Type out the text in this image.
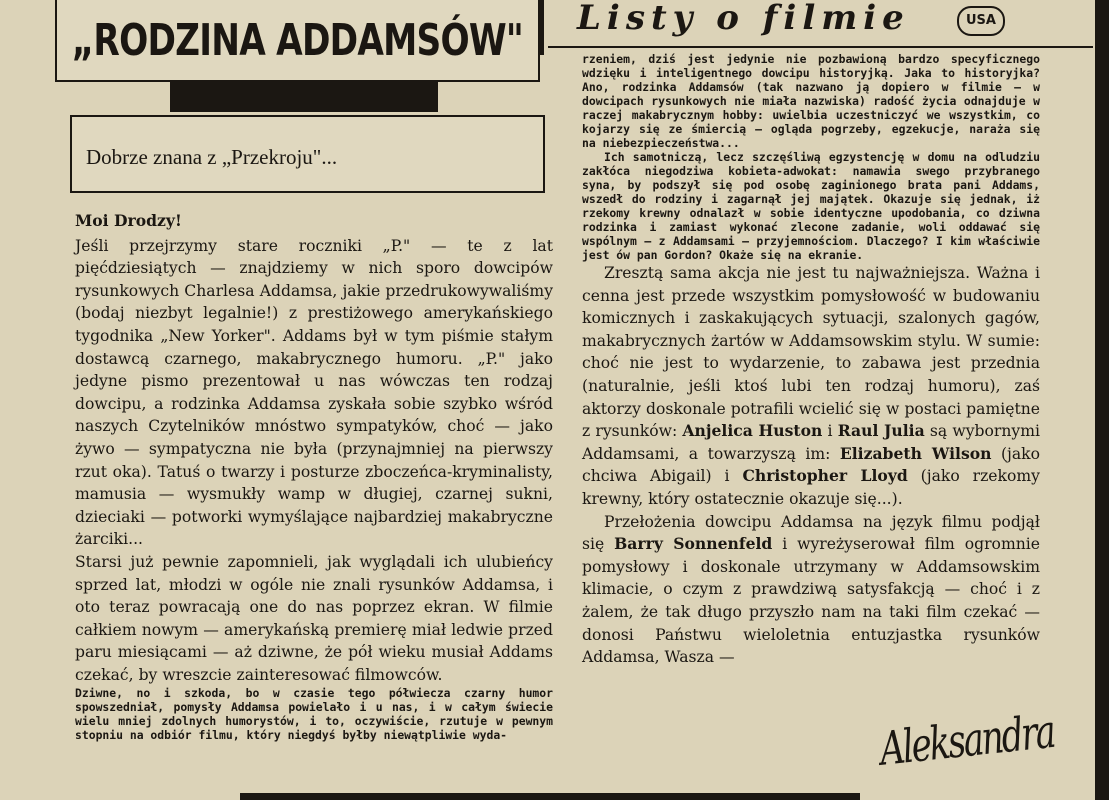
„RODZINA ADDAMSÓW"
Dobrze znana z „Przekroju"...
Listy o filmie	USA

Moi Drodzy!

Jeśli przejrzymy stare roczniki „P." — te z lat pięćdziesiątych — znajdziemy w nich sporo dowcipów rysunkowych Charlesa Addamsa, jakie przedrukowywaliśmy (bodaj niezbyt legalnie!) z prestiżowego amerykańskiego tygodnika „New Yorker". Addams był w tym piśmie stałym dostawcą czarnego, makabrycznego humoru. „P." jako jedyne pismo prezentował u nas wówczas ten rodzaj dowcipu, a rodzinka Addamsa zyskała sobie szybko wśród naszych Czytelników mnóstwo sympatyków, choć — jako żywo — sympatyczna nie była (przynajmniej na pierwszy rzut oka). Tatuś o twarzy i posturze zboczeńca-kryminalisty, mamusia — wysmukły wamp w długiej, czarnej sukni, dzieciaki — potworki wymyślające najbardziej makabryczne żarciki...

Starsi już pewnie zapomnieli, jak wyglądali ich ulubieńcy sprzed lat, młodzi w ogóle nie znali rysunków Addamsa, i oto teraz powracają one do nas poprzez ekran. W filmie całkiem nowym — amerykańską premierę miał ledwie przed paru miesiącami — aż dziwne, że pół wieku musiał Addams czekać, by wreszcie zainteresować filmowców.

Dziwne, no i szkoda, bo w czasie tego półwiecza czarny humor spowszedniał, pomysły Addamsa powielało i u nas, i w całym świecie wielu mniej zdolnych humorystów, i to, oczywiście, rzutuje w pewnym stopniu na odbiór filmu, który niegdyś byłby niewątpliwie wyda-

rzeniem, dziś jest jedynie nie pozbawioną bardzo specyficznego wdzięku i inteligentnego dowcipu historyjką. Jaka to historyjka? Ano, rodzinka Addamsów (tak nazwano ją dopiero w filmie — w dowcipach rysunkowych nie miała nazwiska) radość życia odnajduje w raczej makabrycznym hobby: uwielbia uczestniczyć we wszystkim, co kojarzy się ze śmiercią — ogląda pogrzeby, egzekucje, naraża się na niebezpieczeństwa...

Ich samotniczą, lecz szczęśliwą egzystencję w domu na odludziu zakłóca niegodziwa kobieta-adwokat: namawia swego przybranego syna, by podszył się pod osobę zaginionego brata pani Addams, wszedł do rodziny i zagarnął jej majątek. Okazuje się jednak, iż rzekomy krewny odnalazł w sobie identyczne upodobania, co dziwna rodzinka i zamiast wykonać zlecone zadanie, woli oddawać się wspólnym — z Addamsami — przyjemnościom. Dlaczego? I kim właściwie jest ów pan Gordon? Okaże się na ekranie.

Zresztą sama akcja nie jest tu najważniejsza. Ważna i cenna jest przede wszystkim pomysłowość w budowaniu komicznych i zaskakujących sytuacji, szalonych gagów, makabrycznych żartów w Addamsowskim stylu. W sumie: choć nie jest to wydarzenie, to zabawa jest przednia (naturalnie, jeśli ktoś lubi ten rodzaj humoru), zaś aktorzy doskonale potrafili wcielić się w postaci pamiętne z rysunków: Anjelica Huston i Raul Julia są wybornymi Addamsami, a towarzyszą im: Elizabeth Wilson (jako chciwa Abigail) i Christopher Lloyd (jako rzekomy krewny, który ostatecznie okazuje się...).

Przełożenia dowcipu Addamsa na język filmu podjął się Barry Sonnenfeld i wyreżyserował film ogromnie pomysłowy i doskonale utrzymany w Addamsowskim klimacie, o czym z prawdziwą satysfakcją — choć i z żalem, że tak długo przyszło nam na taki film czekać — donosi Państwu wieloletnia entuzjastka rysunków Addamsa, Wasza —

Aleksandra
